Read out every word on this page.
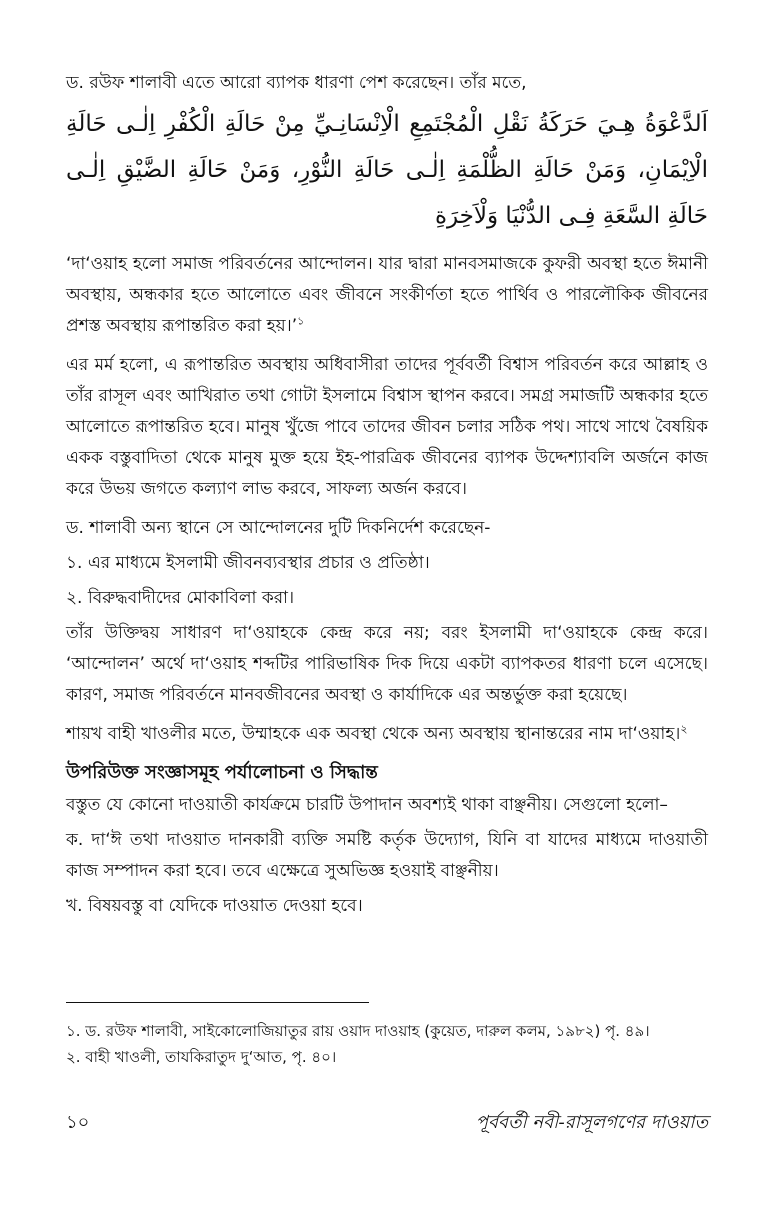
ড. রউফ শালাবী এতে আরো ব্যাপক ধারণা পেশ করেছেন। তাঁর মতে,

اَلدَّعْوَةُ هِـيَ حَرَكَةُ نَقْلِ الْمُجْتَمِعِ الْاِنْسَانِـيِّ مِنْ حَالَةِ الْكُفْرِ اِلٰـى حَالَةِ الْاِيْمَانِ، وَمَنْ حَالَةِ الظُّلْمَةِ اِلٰـى حَالَةِ النُّوْرِ، وَمَنْ حَالَةِ الضَّيْقِ اِلٰـى حَالَةِ السَّعَةِ فِـى الدُّنْيَا وَلْاَخِرَةِ

‘দা‘ওয়াহ হলো সমাজ পরিবর্তনের আন্দোলন। যার দ্বারা মানবসমাজকে কুফরী অবস্থা হতে ঈমানী অবস্থায়, অন্ধকার হতে আলোতে এবং জীবনে সংকীর্ণতা হতে পার্থিব ও পারলৌকিক জীবনের প্রশস্ত অবস্থায় রূপান্তরিত করা হয়।’$^১$

এর মর্ম হলো, এ রূপান্তরিত অবস্থায় অধিবাসীরা তাদের পূর্ববর্তী বিশ্বাস পরিবর্তন করে আল্লাহ ও তাঁর রাসূল এবং আখিরাত তথা গোটা ইসলামে বিশ্বাস স্থাপন করবে। সমগ্র সমাজটি অন্ধকার হতে আলোতে রূপান্তরিত হবে। মানুষ খুঁজে পাবে তাদের জীবন চলার সঠিক পথ। সাথে সাথে বৈষয়িক একক বস্তুবাদিতা থেকে মানুষ মুক্ত হয়ে ইহ-পারত্রিক জীবনের ব্যাপক উদ্দেশ্যাবলি অর্জনে কাজ করে উভয় জগতে কল্যাণ লাভ করবে, সাফল্য অর্জন করবে।

ড. শালাবী অন্য স্থানে সে আন্দোলনের দুটি দিকনির্দেশ করেছেন-

১. এর মাধ্যমে ইসলামী জীবনব্যবস্থার প্রচার ও প্রতিষ্ঠা।

২. বিরুদ্ধবাদীদের মোকাবিলা করা।

তাঁর উক্তিদ্বয় সাধারণ দা‘ওয়াহকে কেন্দ্র করে নয়; বরং ইসলামী দা‘ওয়াহকে কেন্দ্র করে। ‘আন্দোলন’ অর্থে দা‘ওয়াহ শব্দটির পারিভাষিক দিক দিয়ে একটা ব্যাপকতর ধারণা চলে এসেছে। কারণ, সমাজ পরিবর্তনে মানবজীবনের অবস্থা ও কার্যাদিকে এর অন্তর্ভুক্ত করা হয়েছে।

শায়খ বাহী খাওলীর মতে, উম্মাহকে এক অবস্থা থেকে অন্য অবস্থায় স্থানান্তরের নাম দা‘ওয়াহ।$^২$

উপরিউক্ত সংজ্ঞাসমূহ পর্যালোচনা ও সিদ্ধান্ত

বস্তুত যে কোনো দাওয়াতী কার্যক্রমে চারটি উপাদান অবশ্যই থাকা বাঞ্ছনীয়। সেগুলো হলো–

ক. দা‘ঈ তথা দাওয়াত দানকারী ব্যক্তি সমষ্টি কর্তৃক উদ্যোগ, যিনি বা যাদের মাধ্যমে দাওয়াতী কাজ সম্পাদন করা হবে। তবে এক্ষেত্রে সুঅভিজ্ঞ হওয়াই বাঞ্ছনীয়।

খ. বিষয়বস্তু বা যেদিকে দাওয়াত দেওয়া হবে।

১. ড. রউফ শালাবী, সাইকোলোজিয়াতুর রায় ওয়াদ দাওয়াহ (কুয়েত, দারুল কলম, ১৯৮২) পৃ. ৪৯।

২. বাহী খাওলী, তাযকিরাতুদ দু‘আত, পৃ. ৪০।

১০	পূর্ববর্তী নবী-রাসূলগণের দাওয়াত
